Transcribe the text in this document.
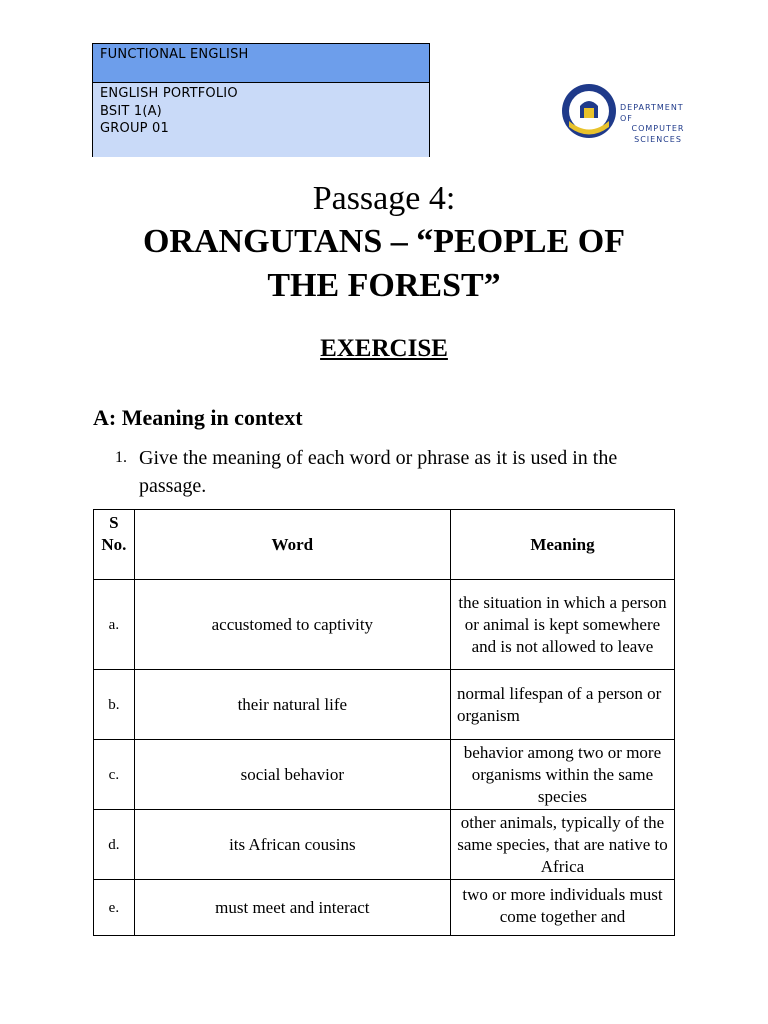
FUNCTIONAL ENGLISH
ENGLISH PORTFOLIO
BSIT 1(A)
GROUP 01
DEPARTMENT OF
COMPUTER
SCIENCES
Passage 4:
ORANGUTANS – “PEOPLE OF
THE FOREST”
EXERCISE
A: Meaning in context
1. Give the meaning of each word or phrase as it is used in the passage.
S No.	Word	Meaning
a.	accustomed to captivity	the situation in which a person or animal is kept somewhere and is not allowed to leave
b.	their natural life	normal lifespan of a person or organism
c.	social behavior	behavior among two or more organisms within the same species
d.	its African cousins	other animals, typically of the same species, that are native to Africa
e.	must meet and interact	two or more individuals must come together and
